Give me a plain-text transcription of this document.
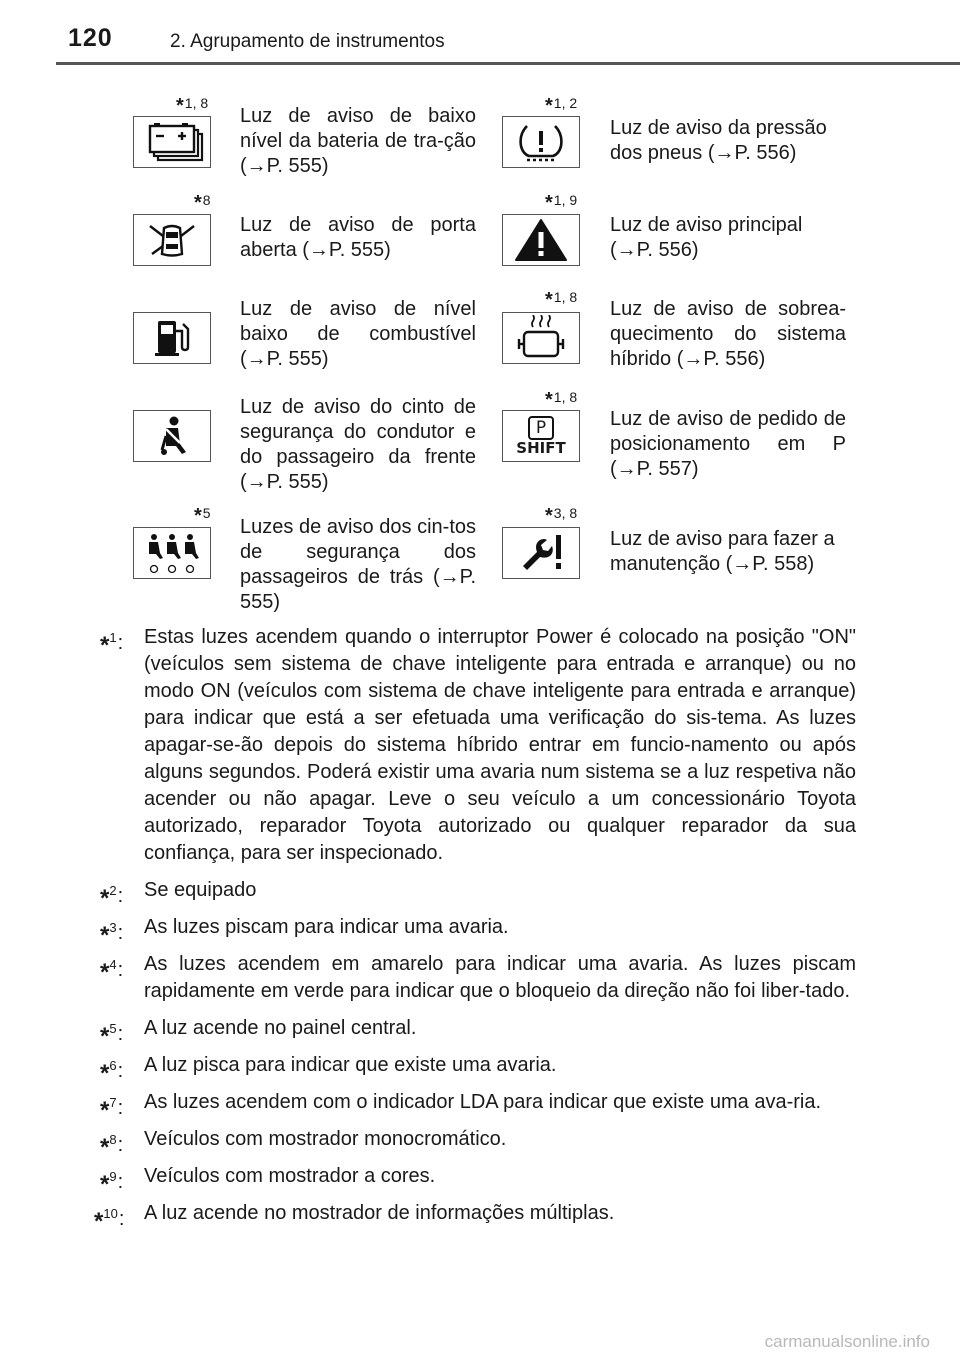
120	2. Agrupamento de instrumentos
*1, 8
Luz de aviso de baixo nível da bateria de tra-ção (→P. 555)
*8
Luz de aviso de porta aberta (→P. 555)
Luz de aviso de nível baixo de combustível (→P. 555)
Luz de aviso do cinto de segurança do condutor e do passageiro da frente (→P. 555)
*5
Luzes de aviso dos cin-tos de segurança dos passageiros de trás (→P. 555)
*1, 2
Luz de aviso da pressão dos pneus (→P. 556)
*1, 9
Luz de aviso principal (→P. 556)
*1, 8
Luz de aviso de sobrea-quecimento do sistema híbrido (→P. 556)
*1, 8
P
SHIFT
Luz de aviso de pedido de posicionamento em P (→P. 557)
*3, 8
Luz de aviso para fazer a manutenção (→P. 558)
*$^1$: Estas luzes acendem quando o interruptor Power é colocado na posição "ON" (veículos sem sistema de chave inteligente para entrada e arranque) ou no modo ON (veículos com sistema de chave inteligente para entrada e arranque) para indicar que está a ser efetuada uma verificação do sis-tema. As luzes apagar-se-ão depois do sistema híbrido entrar em funcio-namento ou após alguns segundos. Poderá existir uma avaria num sistema se a luz respetiva não acender ou não apagar. Leve o seu veículo a um concessionário Toyota autorizado, reparador Toyota autorizado ou qualquer reparador da sua confiança, para ser inspecionado.
*$^2$: Se equipado
*$^3$: As luzes piscam para indicar uma avaria.
*$^4$: As luzes acendem em amarelo para indicar uma avaria. As luzes piscam rapidamente em verde para indicar que o bloqueio da direção não foi liber-tado.
*$^5$: A luz acende no painel central.
*$^6$: A luz pisca para indicar que existe uma avaria.
*$^7$: As luzes acendem com o indicador LDA para indicar que existe uma ava-ria.
*$^8$: Veículos com mostrador monocromático.
*$^9$: Veículos com mostrador a cores.
*$^{10}$: A luz acende no mostrador de informações múltiplas.
carmanualsonline.info
